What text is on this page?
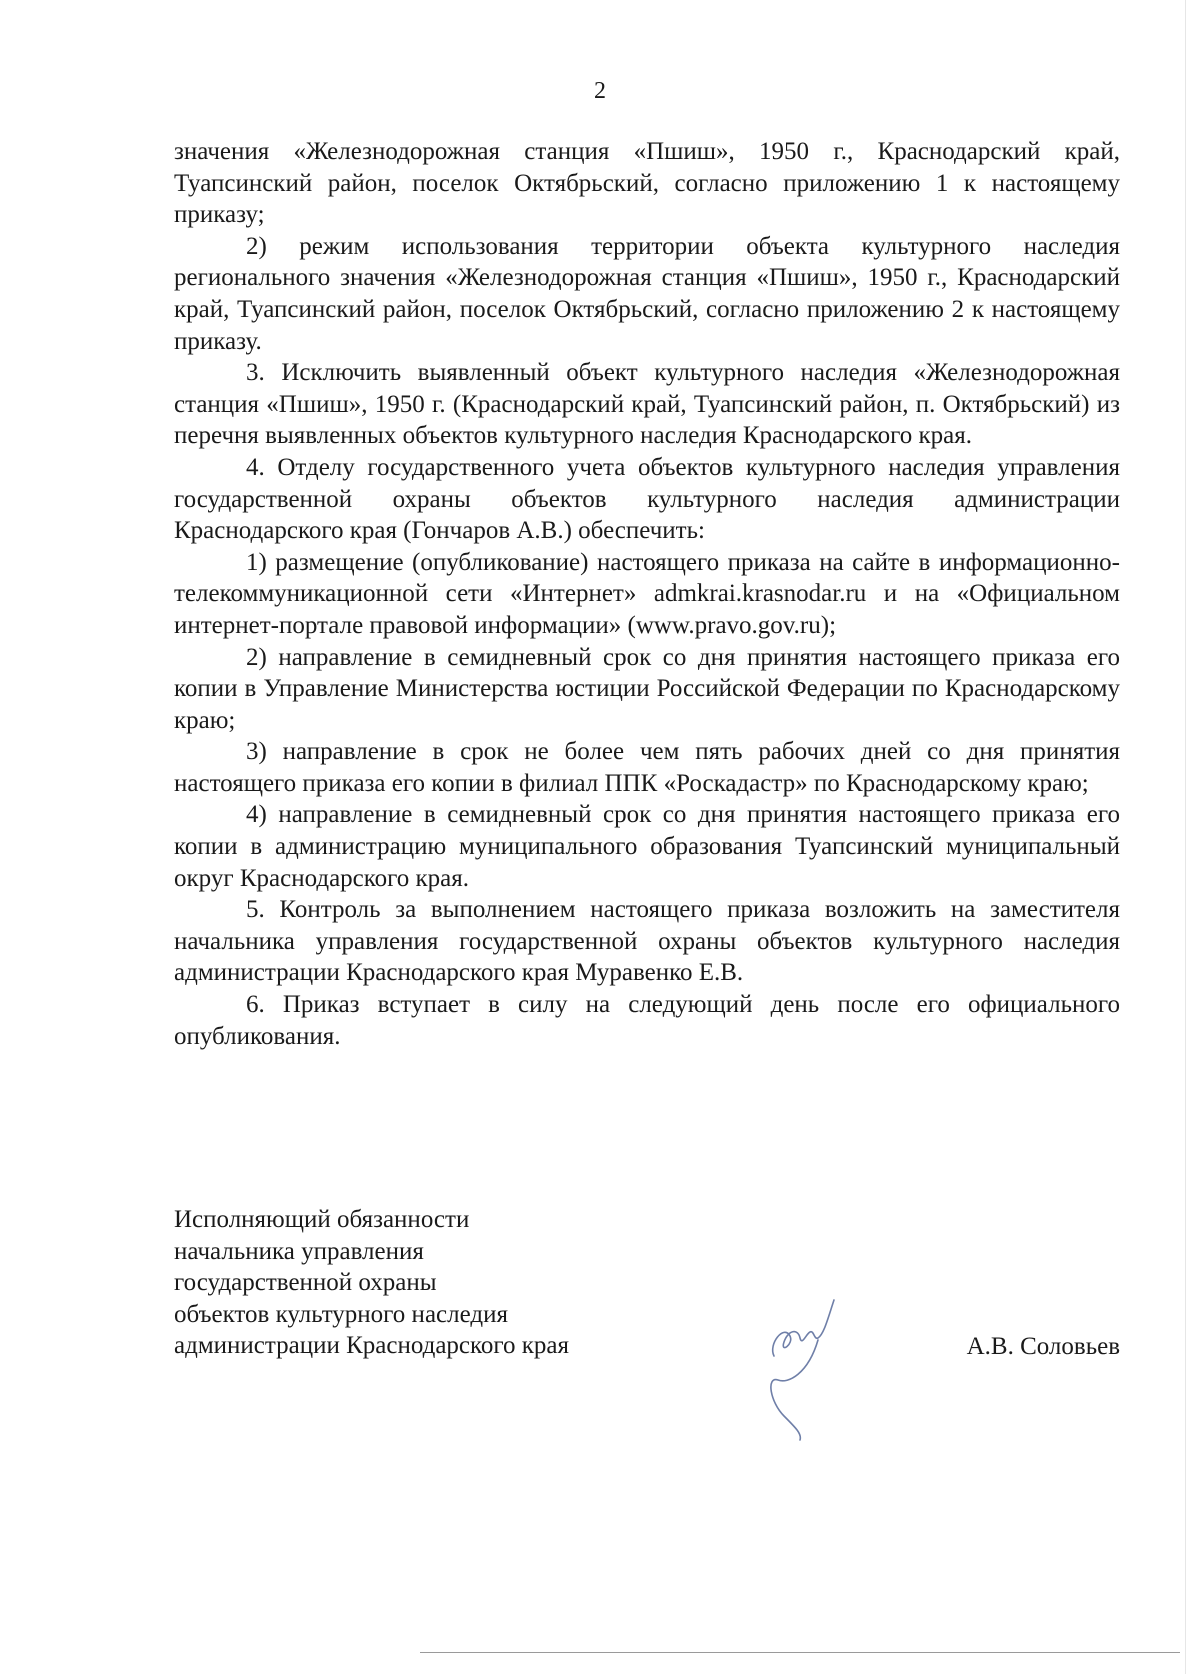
2

значения «Железнодорожная станция «Пшиш», 1950 г., Краснодарский край, Туапсинский район, поселок Октябрьский, согласно приложению 1 к настоящему приказу;

2) режим использования территории объекта культурного наследия регионального значения «Железнодорожная станция «Пшиш», 1950 г., Краснодарский край, Туапсинский район, поселок Октябрьский, согласно приложению 2 к настоящему приказу.

3. Исключить выявленный объект культурного наследия «Железнодорожная станция «Пшиш», 1950 г. (Краснодарский край, Туапсинский район, п. Октябрьский) из перечня выявленных объектов культурного наследия Краснодарского края.

4. Отделу государственного учета объектов культурного наследия управления государственной охраны объектов культурного наследия администрации Краснодарского края (Гончаров А.В.) обеспечить:

1) размещение (опубликование) настоящего приказа на сайте в информационно-телекоммуникационной сети «Интернет» admkrai.krasnodar.ru и на «Официальном интернет-портале правовой информации» (www.pravo.gov.ru);

2) направление в семидневный срок со дня принятия настоящего приказа его копии в Управление Министерства юстиции Российской Федерации по Краснодарскому краю;

3) направление в срок не более чем пять рабочих дней со дня принятия настоящего приказа его копии в филиал ППК «Роскадастр» по Краснодарскому краю;

4) направление в семидневный срок со дня принятия настоящего приказа его копии в администрацию муниципального образования Туапсинский муниципальный округ Краснодарского края.

5. Контроль за выполнением настоящего приказа возложить на заместителя начальника управления государственной охраны объектов культурного наследия администрации Краснодарского края Муравенко Е.В.

6. Приказ вступает в силу на следующий день после его официального опубликования.

Исполняющий обязанности
начальника управления
государственной охраны
объектов культурного наследия
администрации Краснодарского края	А.В. Соловьев
